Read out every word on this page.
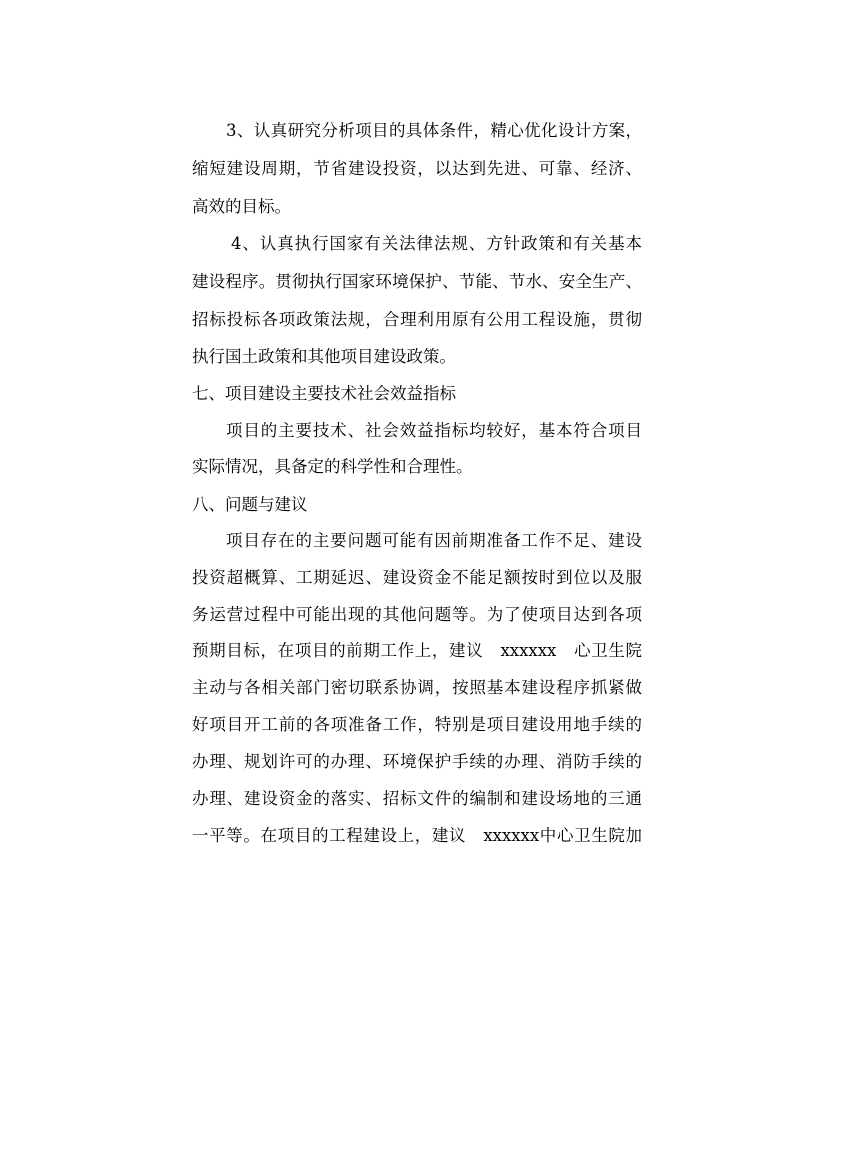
3、认真研究分析项目的具体条件，精心优化设计方案，
缩短建设周期，节省建设投资，以达到先进、可靠、经济、
高效的目标。
4、认真执行国家有关法律法规、方针政策和有关基本
建设程序。贯彻执行国家环境保护、节能、节水、安全生产、
招标投标各项政策法规，合理利用原有公用工程设施，贯彻
执行国土政策和其他项目建设政策。
七、项目建设主要技术社会效益指标
项目的主要技术、社会效益指标均较好，基本符合项目
实际情况，具备定的科学性和合理性。
八、问题与建议
项目存在的主要问题可能有因前期准备工作不足、建设
投资超概算、工期延迟、建设资金不能足额按时到位以及服
务运营过程中可能出现的其他问题等。为了使项目达到各项
预期目标，在项目的前期工作上，建议　xxxxxx　心卫生院
主动与各相关部门密切联系协调，按照基本建设程序抓紧做
好项目开工前的各项准备工作，特别是项目建设用地手续的
办理、规划许可的办理、环境保护手续的办理、消防手续的
办理、建设资金的落实、招标文件的编制和建设场地的三通
一平等。在项目的工程建设上，建议　xxxxxx中心卫生院加
